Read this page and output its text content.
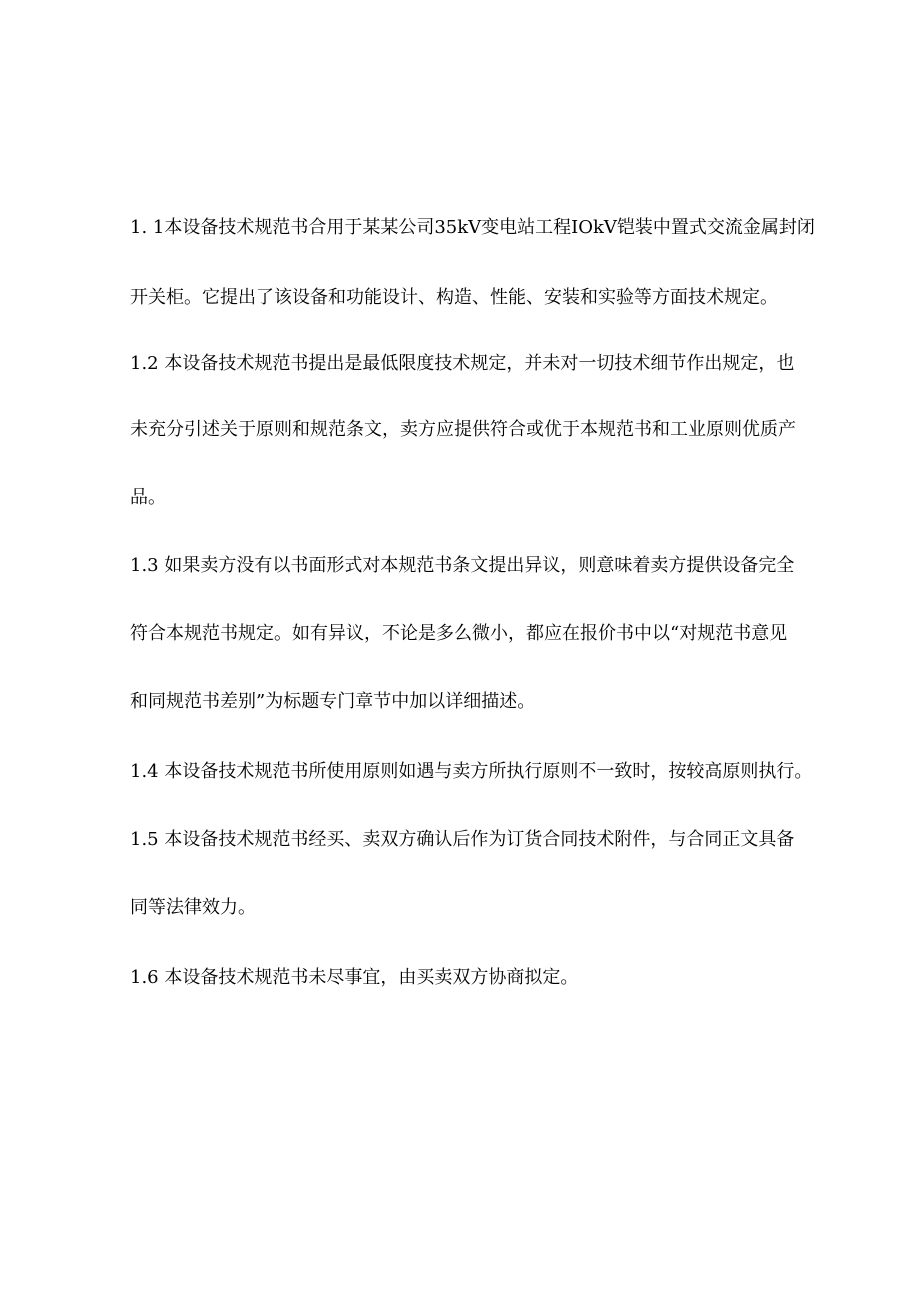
1. 1本设备技术规范书合用于某某公司35kV变电站工程IOkV铠装中置式交流金属封闭
开关柜。它提出了该设备和功能设计、构造、性能、安装和实验等方面技术规定。
1.2 本设备技术规范书提出是最低限度技术规定，并未对一切技术细节作出规定，也
未充分引述关于原则和规范条文，卖方应提供符合或优于本规范书和工业原则优质产
品。
1.3 如果卖方没有以书面形式对本规范书条文提出异议，则意味着卖方提供设备完全
符合本规范书规定。如有异议，不论是多么微小，都应在报价书中以“对规范书意见
和同规范书差别”为标题专门章节中加以详细描述。
1.4 本设备技术规范书所使用原则如遇与卖方所执行原则不一致时，按较高原则执行。
1.5 本设备技术规范书经买、卖双方确认后作为订货合同技术附件，与合同正文具备
同等法律效力。
1.6 本设备技术规范书未尽事宜，由买卖双方协商拟定。
